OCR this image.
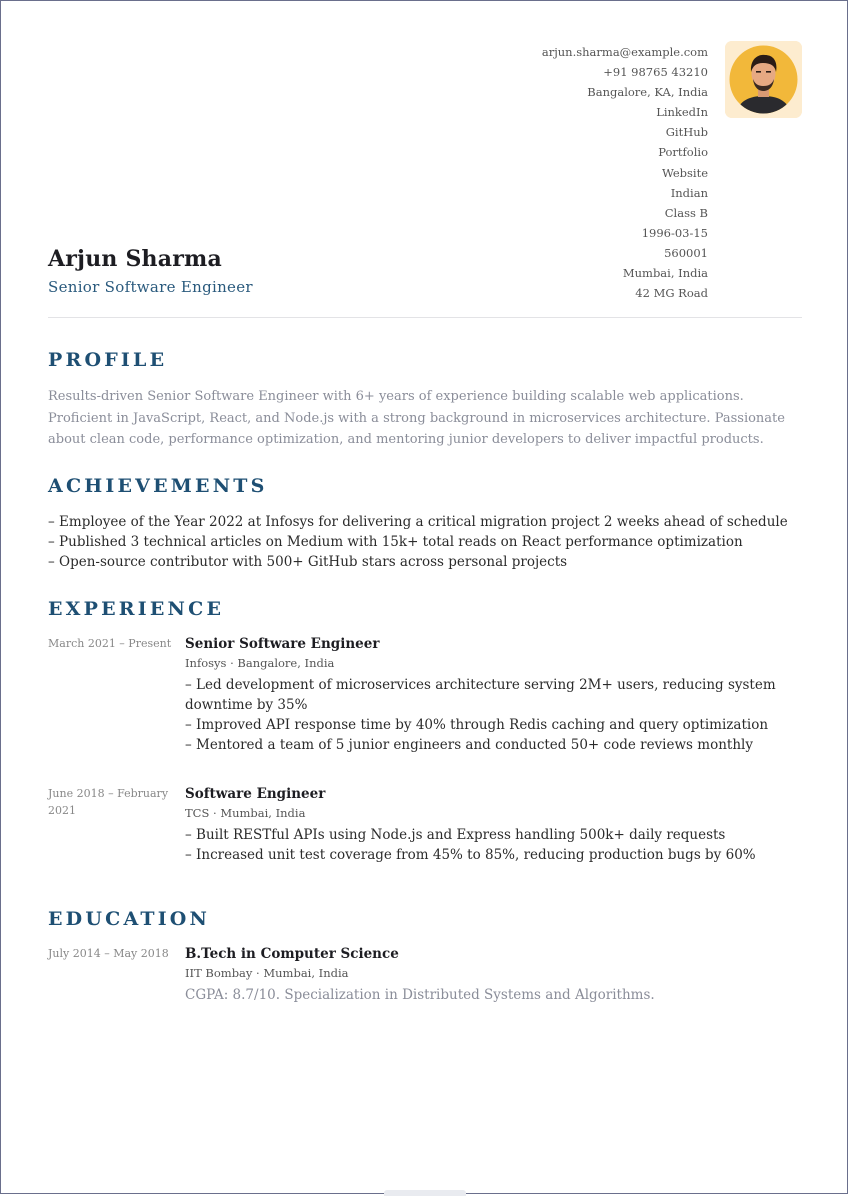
Arjun Sharma
Senior Software Engineer
arjun.sharma@example.com
+91 98765 43210
Bangalore, KA, India
LinkedIn
GitHub
Portfolio
Website
Indian
Class B
1996-03-15
560001
Mumbai, India
42 MG Road
PROFILE
Results-driven Senior Software Engineer with 6+ years of experience building scalable web applications. Proficient in JavaScript, React, and Node.js with a strong background in microservices architecture. Passionate about clean code, performance optimization, and mentoring junior developers to deliver impactful products.
ACHIEVEMENTS
– Employee of the Year 2022 at Infosys for delivering a critical migration project 2 weeks ahead of schedule
– Published 3 technical articles on Medium with 15k+ total reads on React performance optimization
– Open-source contributor with 500+ GitHub stars across personal projects
EXPERIENCE
March 2021 – Present Senior Software Engineer
Infosys · Bangalore, India
– Led development of microservices architecture serving 2M+ users, reducing system downtime by 35%
– Improved API response time by 40% through Redis caching and query optimization
– Mentored a team of 5 junior engineers and conducted 50+ code reviews monthly
June 2018 – February 2021
Software Engineer
TCS · Mumbai, India
– Built RESTful APIs using Node.js and Express handling 500k+ daily requests
– Increased unit test coverage from 45% to 85%, reducing production bugs by 60%
EDUCATION
July 2014 – May 2018	B.Tech in Computer Science
IIT Bombay · Mumbai, India
CGPA: 8.7/10. Specialization in Distributed Systems and Algorithms.
